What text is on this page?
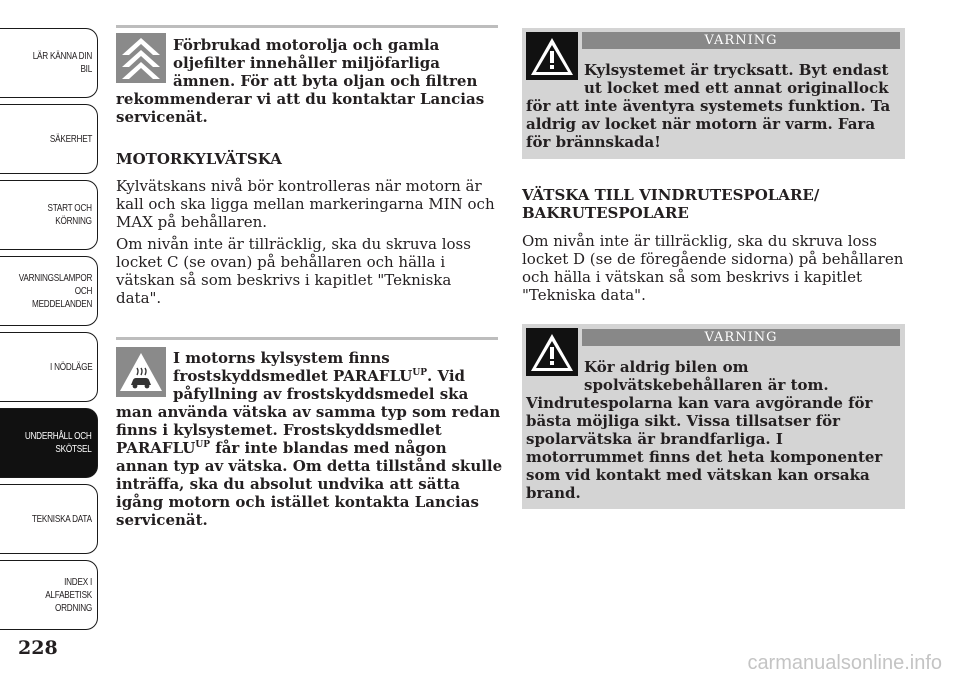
LÄR KÄNNA DIN
BIL
SÄKERHET
START OCH
KÖRNING
VARNINGSLAMPOR
OCH
MEDDELANDEN
I NÖDLÄGE
UNDERHÅLL OCH
SKÖTSEL
TEKNISKA DATA
INDEX I
ALFABETISK
ORDNING
228
Förbrukad motorolja och gamla
oljefilter innehåller miljöfarliga
ämnen. För att byta oljan och filtren
rekommenderar vi att du kontaktar Lancias
servicenät.
MOTORKYLVÄTSKA
Kylvätskans nivå bör kontrolleras när motorn är
kall och ska ligga mellan markeringarna MIN och
MAX på behållaren.
Om nivån inte är tillräcklig, ska du skruva loss
locket C (se ovan) på behållaren och hälla i
vätskan så som beskrivs i kapitlet "Tekniska
data".
I motorns kylsystem finns
frostskyddsmedlet $PARAFLU^{UP}$. Vid
påfyllning av frostskyddsmedel ska
man använda vätska av samma typ som redan
finns i kylsystemet. Frostskyddsmedlet
$PARAFLU^{UP}$ får inte blandas med någon
annan typ av vätska. Om detta tillstånd skulle
inträffa, ska du absolut undvika att sätta
igång motorn och istället kontakta Lancias
servicenät.
VARNING
Kylsystemet är trycksatt. Byt endast
ut locket med ett annat originallock
för att inte äventyra systemets funktion. Ta
aldrig av locket när motorn är varm. Fara
för brännskada!
VÄTSKA TILL VINDRUTESPOLARE/
BAKRUTESPOLARE
Om nivån inte är tillräcklig, ska du skruva loss
locket D (se de föregående sidorna) på behållaren
och hälla i vätskan så som beskrivs i kapitlet
"Tekniska data".
VARNING
Kör aldrig bilen om
spolvätskebehållaren är tom.
Vindrutespolarna kan vara avgörande för
bästa möjliga sikt. Vissa tillsatser för
spolarvätska är brandfarliga. I
motorrummet finns det heta komponenter
som vid kontakt med vätskan kan orsaka
brand.
carmanualsonline.info
